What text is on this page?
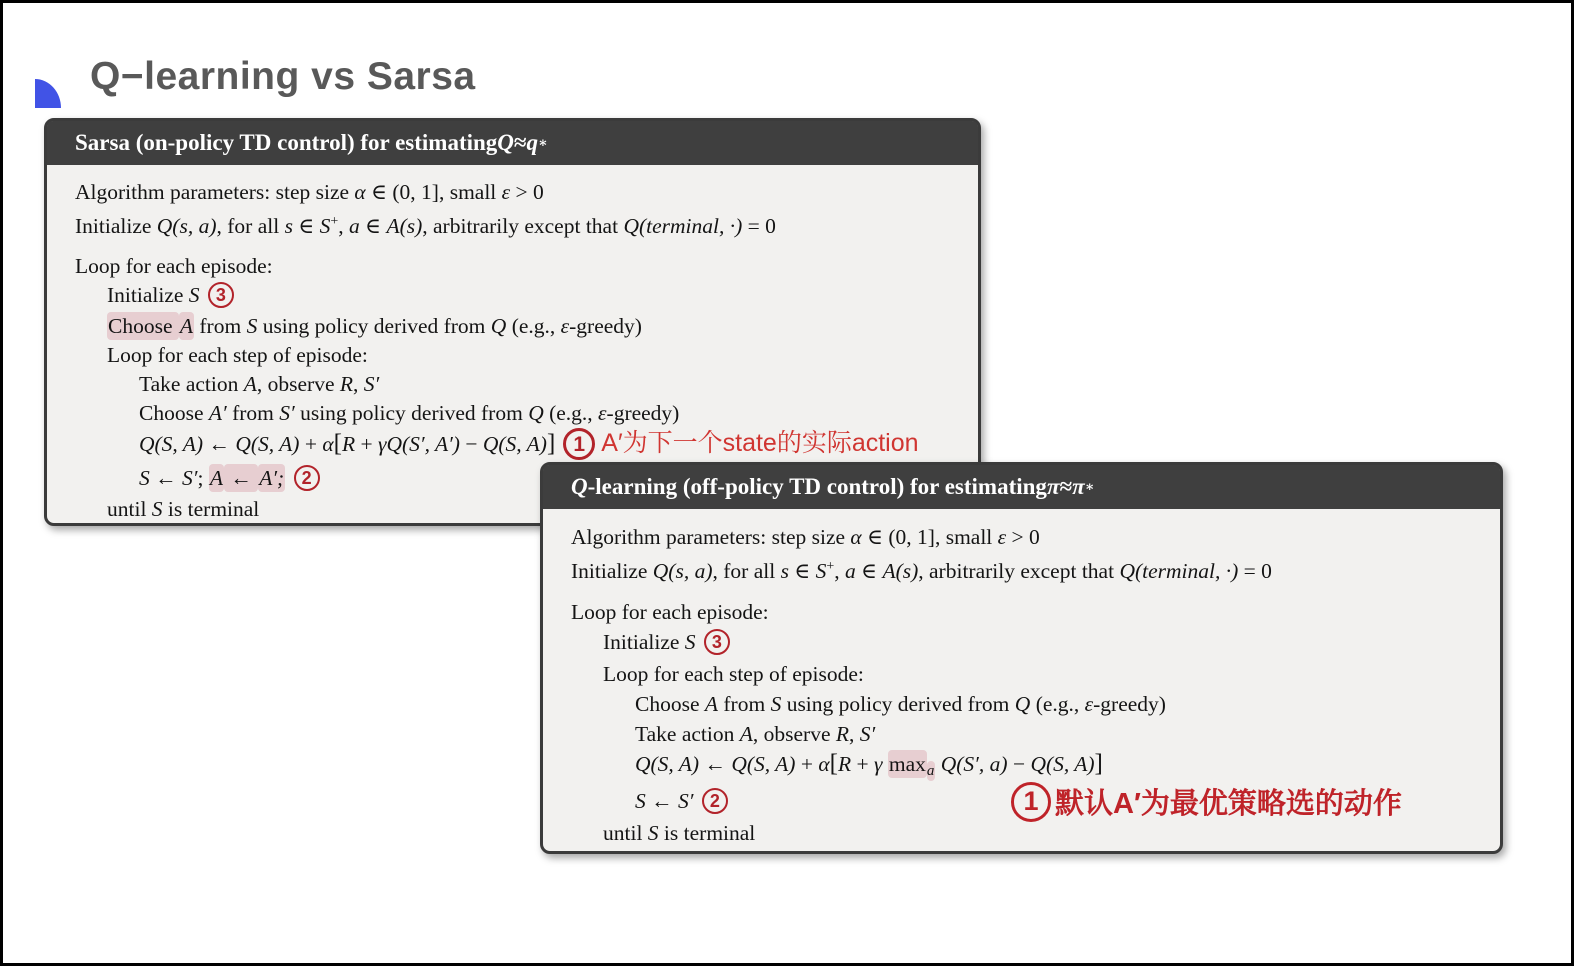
Q−learning vs Sarsa
Sarsa (on-policy TD control) for estimating Q ≈ q ∗
Algorithm parameters: step size α ∈ (0, 1], small ε > 0
Initialize Q(s, a), for all s ∈ S+, a ∈ A(s), arbitrarily except that Q(terminal, ·) = 0
Loop for each episode:
Initialize S 3
Choose A from S using policy derived from Q (e.g., ε-greedy)
Loop for each step of episode:
Take action A, observe R, S′
Choose A′ from S′ using policy derived from Q (e.g., ε-greedy)
Q(S, A) ← Q(S, A) + α[R + γQ(S′, A′) − Q(S, A)] 1 A′为下一个state的实际action
S ← S′; A ← A′; 2
until S is terminal
Q -learning (off-policy TD control) for estimating π ≈ π ∗
Algorithm parameters: step size α ∈ (0, 1], small ε > 0
Initialize Q(s, a), for all s ∈ S+, a ∈ A(s), arbitrarily except that Q(terminal, ·) = 0
Loop for each episode:
Initialize S 3
Loop for each step of episode:
Choose A from S using policy derived from Q (e.g., ε-greedy)
Take action A, observe R, S′
Q(S, A) ← Q(S, A) + α[R + γ maxa Q(S′, a) − Q(S, A)]
S ← S′ 2
until S is terminal
1 默认A′为最优策略选的动作
